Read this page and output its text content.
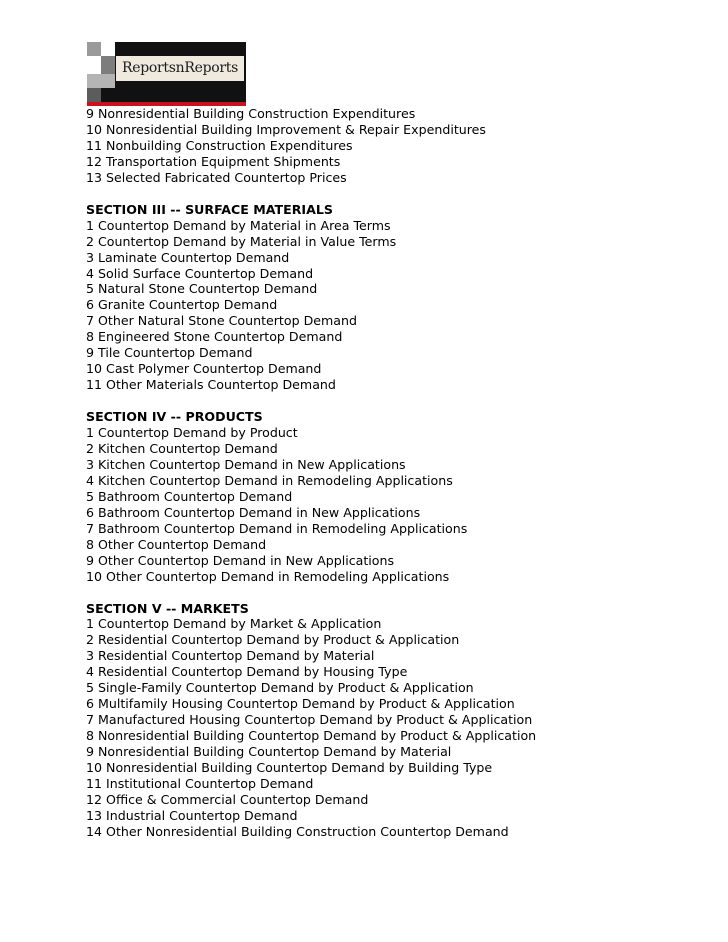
ReportsnReports
9 Nonresidential Building Construction Expenditures
10 Nonresidential Building Improvement & Repair Expenditures
11 Nonbuilding Construction Expenditures
12 Transportation Equipment Shipments
13 Selected Fabricated Countertop Prices
SECTION III -- SURFACE MATERIALS
1 Countertop Demand by Material in Area Terms
2 Countertop Demand by Material in Value Terms
3 Laminate Countertop Demand
4 Solid Surface Countertop Demand
5 Natural Stone Countertop Demand
6 Granite Countertop Demand
7 Other Natural Stone Countertop Demand
8 Engineered Stone Countertop Demand
9 Tile Countertop Demand
10 Cast Polymer Countertop Demand
11 Other Materials Countertop Demand
SECTION IV -- PRODUCTS
1 Countertop Demand by Product
2 Kitchen Countertop Demand
3 Kitchen Countertop Demand in New Applications
4 Kitchen Countertop Demand in Remodeling Applications
5 Bathroom Countertop Demand
6 Bathroom Countertop Demand in New Applications
7 Bathroom Countertop Demand in Remodeling Applications
8 Other Countertop Demand
9 Other Countertop Demand in New Applications
10 Other Countertop Demand in Remodeling Applications
SECTION V -- MARKETS
1 Countertop Demand by Market & Application
2 Residential Countertop Demand by Product & Application
3 Residential Countertop Demand by Material
4 Residential Countertop Demand by Housing Type
5 Single-Family Countertop Demand by Product & Application
6 Multifamily Housing Countertop Demand by Product & Application
7 Manufactured Housing Countertop Demand by Product & Application
8 Nonresidential Building Countertop Demand by Product & Application
9 Nonresidential Building Countertop Demand by Material
10 Nonresidential Building Countertop Demand by Building Type
11 Institutional Countertop Demand
12 Office & Commercial Countertop Demand
13 Industrial Countertop Demand
14 Other Nonresidential Building Construction Countertop Demand
